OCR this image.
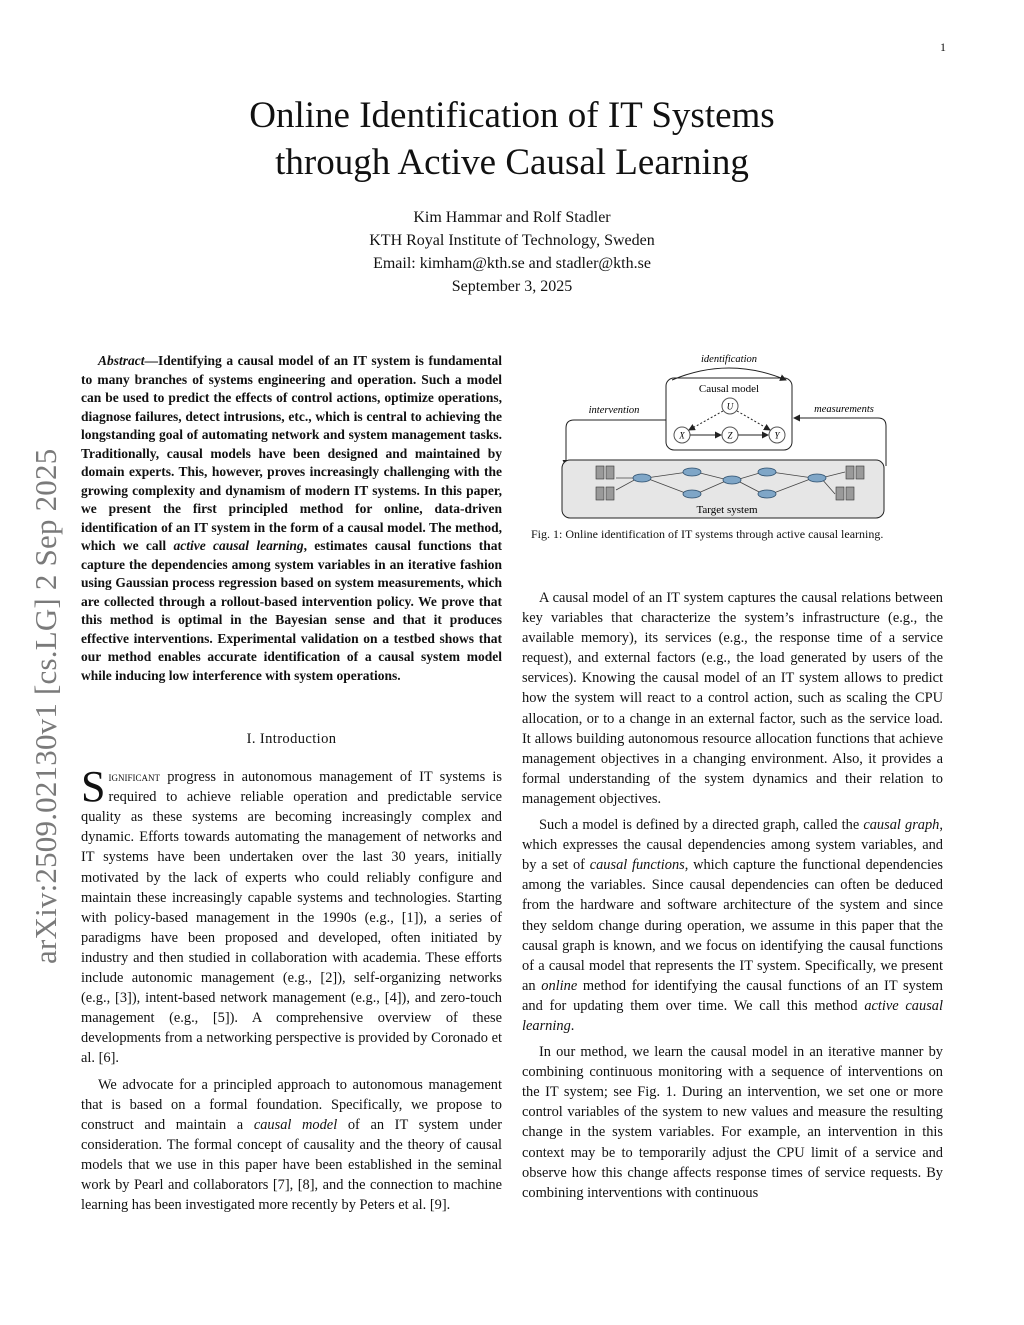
1
arXiv:2509.02130v1 [cs.LG] 2 Sep 2025
Online Identification of IT Systems
through Active Causal Learning
Kim Hammar and Rolf Stadler
KTH Royal Institute of Technology, Sweden
Email: kimham@kth.se and stadler@kth.se
September 3, 2025
Abstract—Identifying a causal model of an IT system is fundamental to many branches of systems engineering and operation. Such a model can be used to predict the effects of control actions, optimize operations, diagnose failures, detect intrusions, etc., which is central to achieving the longstanding goal of automating network and system management tasks. Traditionally, causal models have been designed and maintained by domain experts. This, however, proves increasingly challenging with the growing complexity and dynamism of modern IT systems. In this paper, we present the first principled method for online, data-driven identification of an IT system in the form of a causal model. The method, which we call active causal learning, estimates causal functions that capture the dependencies among system variables in an iterative fashion using Gaussian process regression based on system measurements, which are collected through a rollout-based intervention policy. We prove that this method is optimal in the Bayesian sense and that it produces effective interventions. Experimental validation on a testbed shows that our method enables accurate identification of a causal system model while inducing low interference with system operations.
I. Introduction

Significant progress in autonomous management of IT systems is required to achieve reliable operation and predictable service quality as these systems are becoming increasingly complex and dynamic. Efforts towards automating the management of networks and IT systems have been undertaken over the last 30 years, initially motivated by the lack of experts who could reliably configure and maintain these increasingly capable systems and technologies. Starting with policy-based management in the 1990s (e.g., [1]), a series of paradigms have been proposed and developed, often initiated by industry and then studied in collaboration with academia. These efforts include autonomic management (e.g., [2]), self-organizing networks (e.g., [3]), intent-based network management (e.g., [4]), and zero-touch management (e.g., [5]). A comprehensive overview of these developments from a networking perspective is provided by Coronado et al. [6].

We advocate for a principled approach to autonomous management that is based on a formal foundation. Specifically, we propose to construct and maintain a causal model of an IT system under consideration. The formal concept of causality and the theory of causal models that we use in this paper have been established in the seminal work by Pearl and collaborators [7], [8], and the connection to machine learning has been investigated more recently by Peters et al. [9].

Causal model
U
X	Z	Y
identification
intervention	measurements
Target system
Fig. 1: Online identification of IT systems through active causal learning.

A causal model of an IT system captures the causal relations between key variables that characterize the system’s infrastructure (e.g., the available memory), its services (e.g., the response time of a service request), and external factors (e.g., the load generated by users of the services). Knowing the causal model of an IT system allows to predict how the system will react to a control action, such as scaling the CPU allocation, or to a change in an external factor, such as the service load. It allows building autonomous resource allocation functions that achieve management objectives in a changing environment. Also, it provides a formal understanding of the system dynamics and their relation to management objectives.

Such a model is defined by a directed graph, called the causal graph, which expresses the causal dependencies among system variables, and by a set of causal functions, which capture the functional dependencies among the variables. Since causal dependencies can often be deduced from the hardware and software architecture of the system and since they seldom change during operation, we assume in this paper that the causal graph is known, and we focus on identifying the causal functions of a causal model that represents the IT system. Specifically, we present an online method for identifying the causal functions of an IT system and for updating them over time. We call this method active causal learning.

In our method, we learn the causal model in an iterative manner by combining continuous monitoring with a sequence of interventions on the IT system; see Fig. 1. During an intervention, we set one or more control variables of the system to new values and measure the resulting change in the system variables. For example, an intervention in this context may be to temporarily adjust the CPU limit of a service and observe how this change affects response times of service requests. By combining interventions with continuous
